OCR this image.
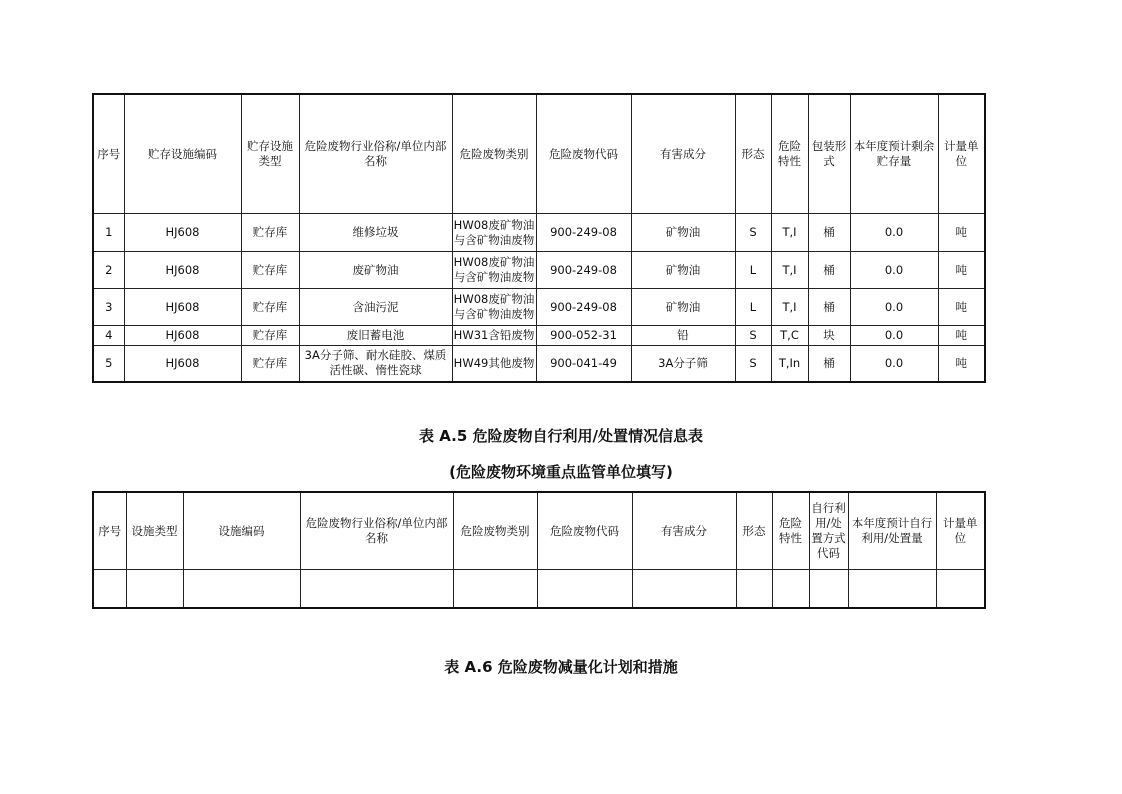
序号	贮存设施编码	贮存设施类型	危险废物行业俗称/单位内部名称	危险废物类别	危险废物代码	有害成分	形态	危险特性	包装形式	本年度预计剩余贮存量	计量单位
1	HJ608	贮存库	维修垃圾	HW08废矿物油与含矿物油废物	900-249-08	矿物油	S	T,I	桶	0.0	吨
2	HJ608	贮存库	废矿物油	HW08废矿物油与含矿物油废物	900-249-08	矿物油	L	T,I	桶	0.0	吨
3	HJ608	贮存库	含油污泥	HW08废矿物油与含矿物油废物	900-249-08	矿物油	L	T,I	桶	0.0	吨
4	HJ608	贮存库	废旧蓄电池	HW31含铅废物	900-052-31	铅	S	T,C	块	0.0	吨
5	HJ608	贮存库	3A分子筛、耐水硅胶、煤质活性碳、惰性瓷球	HW49其他废物	900-041-49	3A分子筛	S	T,In	桶	0.0	吨
表 A.5 危险废物自行利用/处置情况信息表
(危险废物环境重点监管单位填写)
序号	设施类型	设施编码	危险废物行业俗称/单位内部名称	危险废物类别	危险废物代码	有害成分	形态	危险特性	自行利用/处置方式代码	本年度预计自行利用/处置量	计量单位

表 A.6 危险废物减量化计划和措施
